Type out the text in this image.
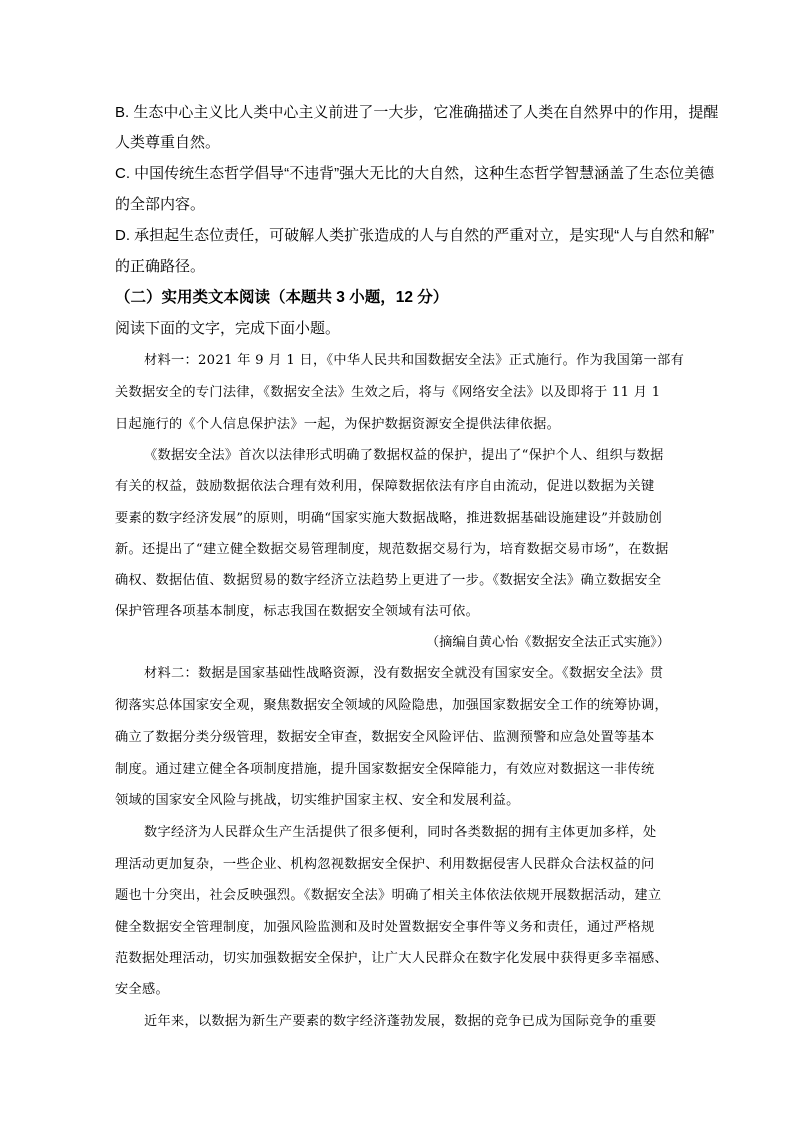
B. 生态中心主义比人类中心主义前进了一大步，它准确描述了人类在自然界中的作用，提醒
人类尊重自然。
C. 中国传统生态哲学倡导“不违背”强大无比的大自然，这种生态哲学智慧涵盖了生态位美德
的全部内容。
D. 承担起生态位责任，可破解人类扩张造成的人与自然的严重对立，是实现“人与自然和解”
的正确路径。
（二）实用类文本阅读（本题共 3 小题，12 分）
阅读下面的文字，完成下面小题。
材料一：2021 年 9 月 1 日，《中华人民共和国数据安全法》正式施行。作为我国第一部有
关数据安全的专门法律，《数据安全法》生效之后，将与《网络安全法》以及即将于 11 月 1
日起施行的《个人信息保护法》一起，为保护数据资源安全提供法律依据。
《数据安全法》首次以法律形式明确了数据权益的保护，提出了“保护个人、组织与数据
有关的权益，鼓励数据依法合理有效利用，保障数据依法有序自由流动，促进以数据为关键
要素的数字经济发展”的原则，明确“国家实施大数据战略，推进数据基础设施建设”并鼓励创
新。还提出了“建立健全数据交易管理制度，规范数据交易行为，培育数据交易市场”，在数据
确权、数据估值、数据贸易的数字经济立法趋势上更进了一步。《数据安全法》确立数据安全
保护管理各项基本制度，标志我国在数据安全领域有法可依。
（摘编自黄心怡《数据安全法正式实施》）
材料二：数据是国家基础性战略资源，没有数据安全就没有国家安全。《数据安全法》贯
彻落实总体国家安全观，聚焦数据安全领域的风险隐患，加强国家数据安全工作的统筹协调，
确立了数据分类分级管理，数据安全审查，数据安全风险评估、监测预警和应急处置等基本
制度。通过建立健全各项制度措施，提升国家数据安全保障能力，有效应对数据这一非传统
领域的国家安全风险与挑战，切实维护国家主权、安全和发展利益。
数字经济为人民群众生产生活提供了很多便利，同时各类数据的拥有主体更加多样，处
理活动更加复杂，一些企业、机构忽视数据安全保护、利用数据侵害人民群众合法权益的问
题也十分突出，社会反映强烈。《数据安全法》明确了相关主体依法依规开展数据活动，建立
健全数据安全管理制度，加强风险监测和及时处置数据安全事件等义务和责任，通过严格规
范数据处理活动，切实加强数据安全保护，让广大人民群众在数字化发展中获得更多幸福感、
安全感。
近年来，以数据为新生产要素的数字经济蓬勃发展，数据的竞争已成为国际竞争的重要
